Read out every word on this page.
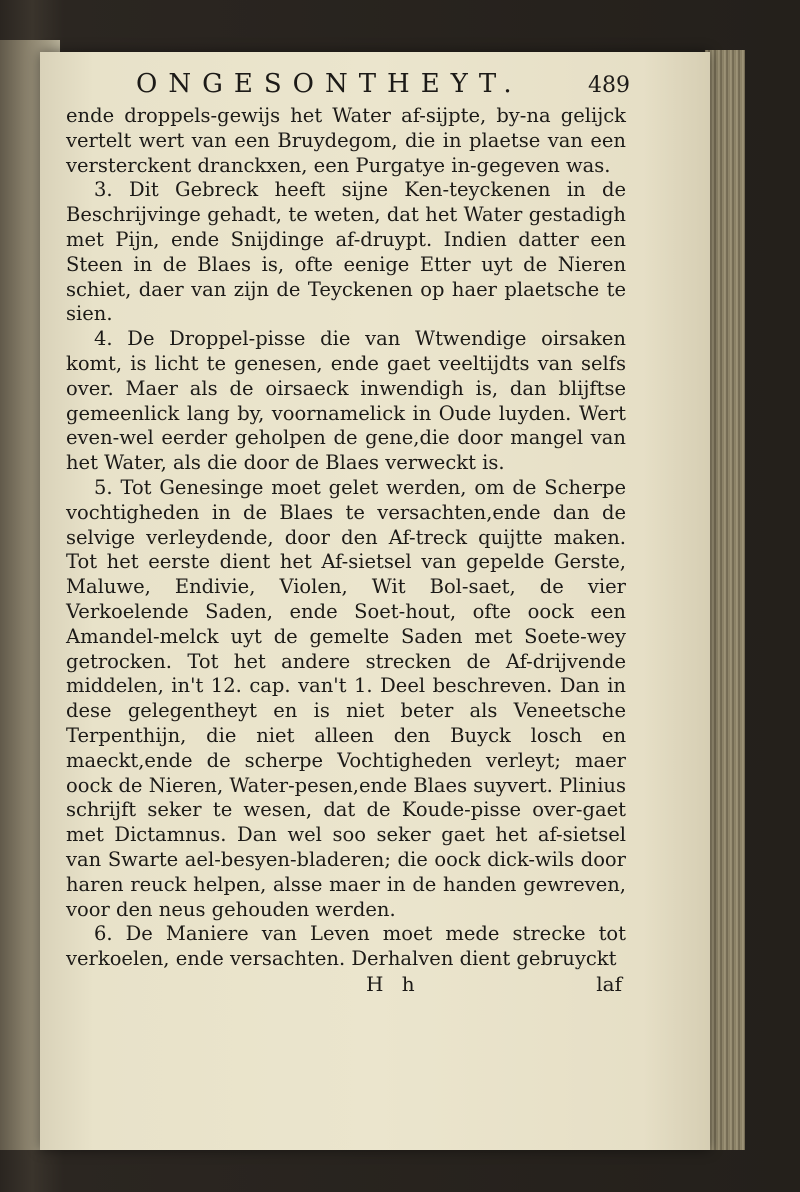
ONGESONTHEYT.	489

ende droppels-gewijs het Water af-sijpte, by-na gelijck vertelt wert van een Bruydegom, die in plaetse van een versterckent dranckxen, een Purgatye in-gegeven was.

3. Dit Gebreck heeft sijne Ken-teyckenen in de Beschrijvinge gehadt, te weten, dat het Water gestadigh met Pijn, ende Snijdinge af-druypt. Indien datter een Steen in de Blaes is, ofte eenige Etter uyt de Nieren schiet, daer van zijn de Teyckenen op haer plaetsche te sien.

4. De Droppel-pisse die van Wtwendige oirsaken komt, is licht te genesen, ende gaet veeltijdts van selfs over. Maer als de oirsaeck inwendigh is, dan blijftse gemeenlick lang by, voornamelick in Oude luyden. Wert even-wel eerder geholpen de gene,die door mangel van het Water, als die door de Blaes verweckt is.

5. Tot Genesinge moet gelet werden, om de Scherpe vochtigheden in de Blaes te versachten,ende dan de selvige verleydende, door den Af-treck quijtte maken. Tot het eerste dient het Af-sietsel van gepelde Gerste, Maluwe, Endivie, Violen, Wit Bol-saet, de vier Verkoelende Saden, ende Soet-hout, ofte oock een Amandel-melck uyt de gemelte Saden met Soete-wey getrocken. Tot het andere strecken de Af-drijvende middelen, in't 12. cap. van't 1. Deel beschreven. Dan in dese gelegentheyt en is niet beter als Veneetsche Terpenthijn, die niet alleen den Buyck losch en maeckt,ende de scherpe Vochtigheden verleyt; maer oock de Nieren, Water-pesen,ende Blaes suyvert. Plinius schrijft seker te wesen, dat de Koude-pisse over-gaet met Dictamnus. Dan wel soo seker gaet het af-sietsel van Swarte ael-besyen-bladeren; die oock dick-wils door haren reuck helpen, alsse maer in de handen gewreven, voor den neus gehouden werden.

6. De Maniere van Leven moet mede strecke tot verkoelen, ende versachten. Derhalven dient gebruyckt

H h	laf
